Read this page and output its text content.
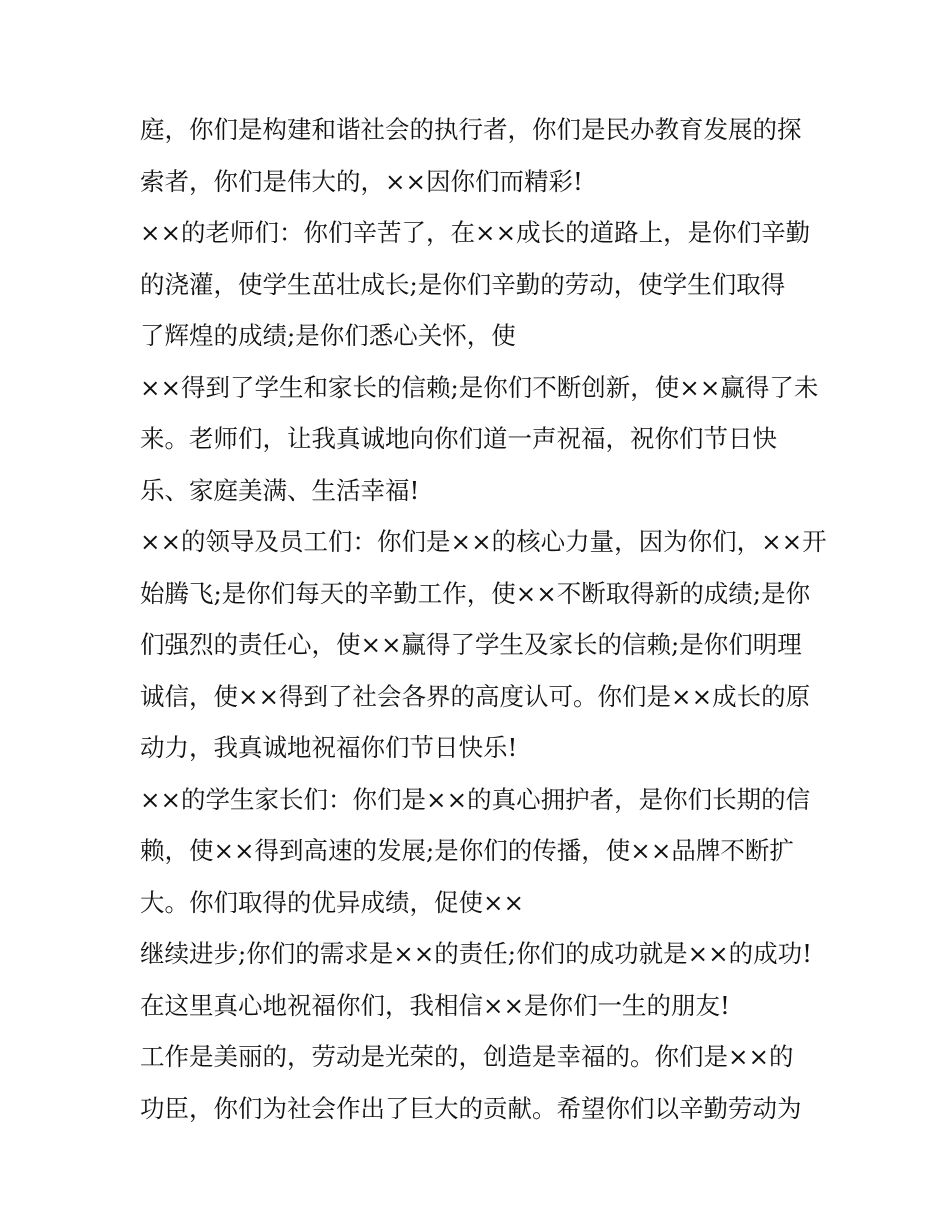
庭，你们是构建和谐社会的执行者，你们是民办教育发展的探

索者，你们是伟大的，××因你们而精彩!

××的老师们：你们辛苦了，在××成长的道路上，是你们辛勤

的浇灌，使学生茁壮成长;是你们辛勤的劳动，使学生们取得

了辉煌的成绩;是你们悉心关怀，使

××得到了学生和家长的信赖;是你们不断创新，使××赢得了未

来。老师们，让我真诚地向你们道一声祝福，祝你们节日快

乐、家庭美满、生活幸福!

××的领导及员工们：你们是××的核心力量，因为你们，××开

始腾飞;是你们每天的辛勤工作，使××不断取得新的成绩;是你

们强烈的责任心，使××赢得了学生及家长的信赖;是你们明理

诚信，使××得到了社会各界的高度认可。你们是××成长的原

动力，我真诚地祝福你们节日快乐!

××的学生家长们：你们是××的真心拥护者，是你们长期的信

赖，使××得到高速的发展;是你们的传播，使××品牌不断扩

大。你们取得的优异成绩，促使××

继续进步;你们的需求是××的责任;你们的成功就是××的成功!

在这里真心地祝福你们，我相信××是你们一生的朋友!

工作是美丽的，劳动是光荣的，创造是幸福的。你们是××的

功臣，你们为社会作出了巨大的贡献。希望你们以辛勤劳动为
